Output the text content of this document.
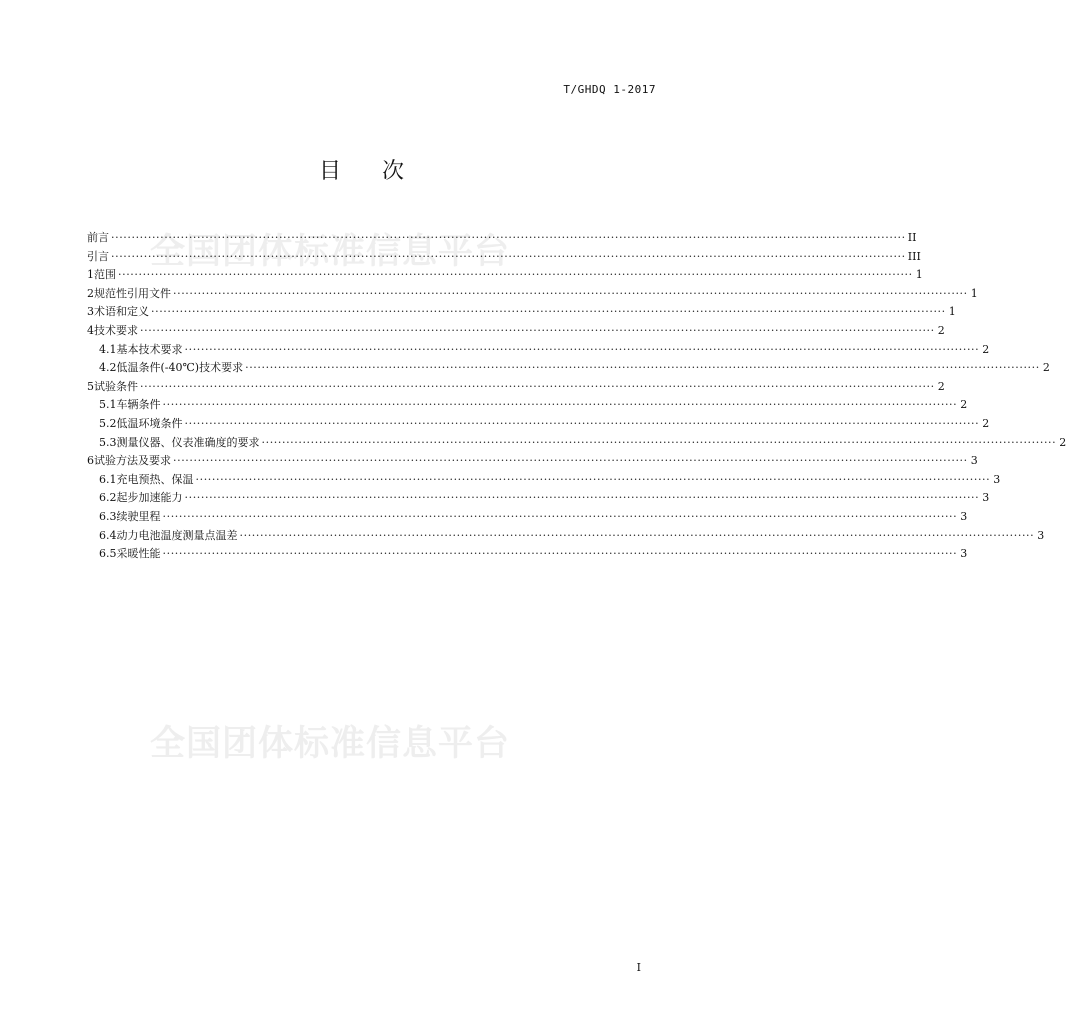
T/GHDQ 1-2017
目 次
全国团体标准信息平台
全国团体标准信息平台
前言 ·····	II
引言 ·····	III
1 范围 ·····	1
2 规范性引用文件 ·····	1
3 术语和定义 ·····	1
4 技术要求 ·····	2
4.1 基本技术要求 ·····	2
4.2 低温条件(-40℃)技术要求 ·····	2
5 试验条件 ·····	2
5.1 车辆条件 ·····	2
5.2 低温环境条件 ·····	2
5.3 测量仪器、仪表准确度的要求 ·····	2
6 试验方法及要求 ·····	3
6.1 充电预热、保温 ·····	3
6.2 起步加速能力 ·····	3
6.3 续驶里程 ·····	3
6.4 动力电池温度测量点温差 ·····	3
6.5 采暖性能 ·····	3
I
